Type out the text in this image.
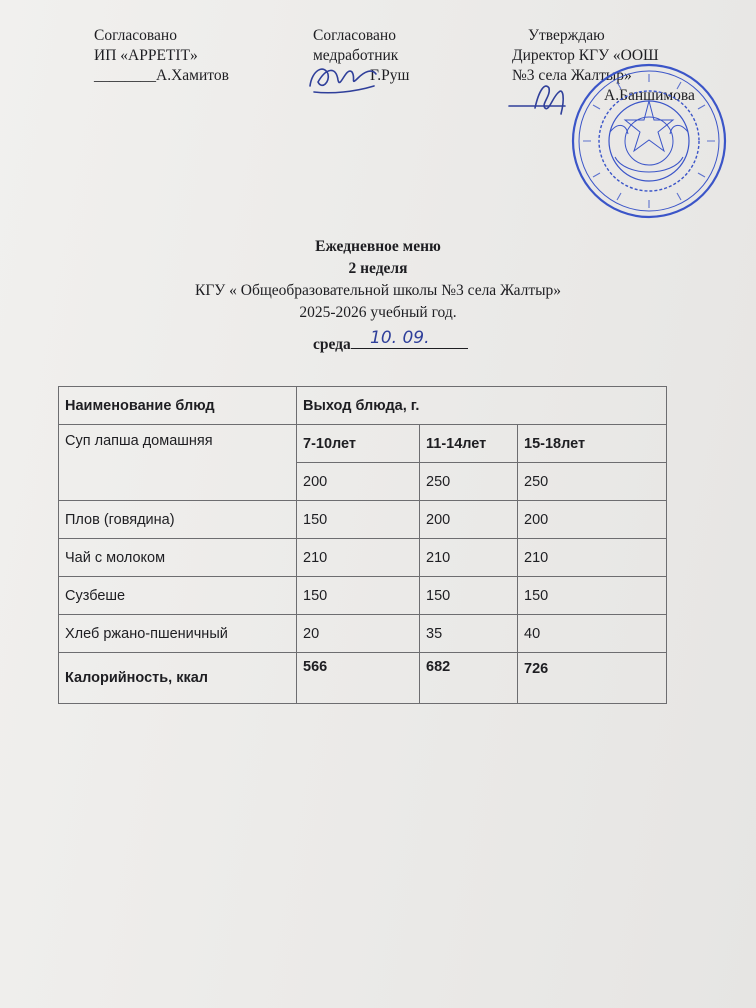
Согласовано
ИП «APPETIT»
________А.Хамитов
Согласовано
медработник
Г.Руш
Утверждаю
Директор КГУ «ООШ
№3 села Жалтыр»
А.Баншимова
Ежедневное меню
2 неделя
КГУ « Общеобразовательной школы №3 села Жалтыр»
2025-2026 учебный год.
среда	10. 09.
Наименование блюд	Выход блюда, г.		
Суп лапша домашняя	7-10лет	11-14лет	15-18лет
	200	250	250
Плов (говядина)	150	200	200
Чай с молоком	210	210	210
Сузбеше	150	150	150
Хлеб ржано-пшеничный	20	35	40
Калорийность, ккал	566	682	726
